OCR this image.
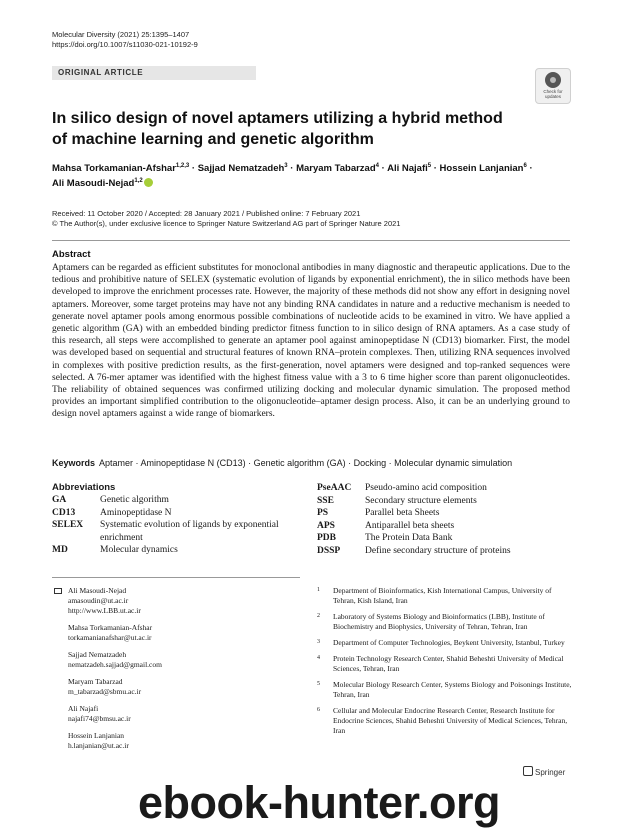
Molecular Diversity (2021) 25:1395–1407
https://doi.org/10.1007/s11030-021-10192-9
ORIGINAL ARTICLE
Check for
updates
In silico design of novel aptamers utilizing a hybrid method of machine learning and genetic algorithm
Mahsa Torkamanian-Afshar$^{1,2,3}$ · Sajjad Nematzadeh$^3$ · Maryam Tabarzad$^4$ · Ali Najafi$^5$ · Hossein Lanjanian$^6$ ·
Ali Masoudi-Nejad$^{1,2}$
Received: 11 October 2020 / Accepted: 28 January 2021 / Published online: 7 February 2021
© The Author(s), under exclusive licence to Springer Nature Switzerland AG part of Springer Nature 2021
Abstract
Aptamers can be regarded as efficient substitutes for monoclonal antibodies in many diagnostic and therapeutic applications. Due to the tedious and prohibitive nature of SELEX (systematic evolution of ligands by exponential enrichment), the in silico methods have been developed to improve the enrichment processes rate. However, the majority of these methods did not show any effort in designing novel aptamers. Moreover, some target proteins may have not any binding RNA candidates in nature and a reductive mechanism is needed to generate novel aptamer pools among enormous possible combinations of nucleotide acids to be examined in vitro. We have applied a genetic algorithm (GA) with an embedded binding predictor fitness function to in silico design of RNA aptamers. As a case study of this research, all steps were accomplished to generate an aptamer pool against aminopeptidase N (CD13) biomarker. First, the model was developed based on sequential and structural features of known RNA–protein complexes. Then, utilizing RNA sequences involved in complexes with positive prediction results, as the first-generation, novel aptamers were designed and top-ranked sequences were selected. A 76-mer aptamer was identified with the highest fitness value with a 3 to 6 time higher score than parent oligonucleotides. The reliability of obtained sequences was confirmed utilizing docking and molecular dynamic simulation. The proposed method provides an important simplified contribution to the oligonucleotide–aptamer design process. Also, it can be an underlying ground to design novel aptamers against a wide range of biomarkers.
Keywords Aptamer · Aminopeptidase N (CD13) · Genetic algorithm (GA) · Docking · Molecular dynamic simulation
Abbreviations
GA	Genetic algorithm
CD13	Aminopeptidase N
SELEX	Systematic evolution of ligands by exponential enrichment
MD	Molecular dynamics
PseAAC	Pseudo-amino acid composition
SSE	Secondary structure elements
PS	Parallel beta Sheets
APS	Antiparallel beta sheets
PDB	The Protein Data Bank
DSSP	Define secondary structure of proteins
Ali Masoudi-Nejad
amasoudin@ut.ac.ir
http://www.LBB.ut.ac.ir
Mahsa Torkamanian-Afshar
torkamanianafshar@ut.ac.ir
Sajjad Nematzadeh
nematzadeh.sajjad@gmail.com
Maryam Tabarzad
m_tabarzad@sbmu.ac.ir
Ali Najafi
najafi74@bmsu.ac.ir
Hossein Lanjanian
h.lanjanian@ut.ac.ir
1	Department of Bioinformatics, Kish International Campus, University of Tehran, Kish Island, Iran
2	Laboratory of Systems Biology and Bioinformatics (LBB), Institute of Biochemistry and Biophysics, University of Tehran, Tehran, Iran
3	Department of Computer Technologies, Beykent University, Istanbul, Turkey
4	Protein Technology Research Center, Shahid Beheshti University of Medical Sciences, Tehran, Iran
5	Molecular Biology Research Center, Systems Biology and Poisonings Institute, Tehran, Iran
6	Cellular and Molecular Endocrine Research Center, Research Institute for Endocrine Sciences, Shahid Beheshti University of Medical Sciences, Tehran, Iran
Springer
ebook-hunter.org
